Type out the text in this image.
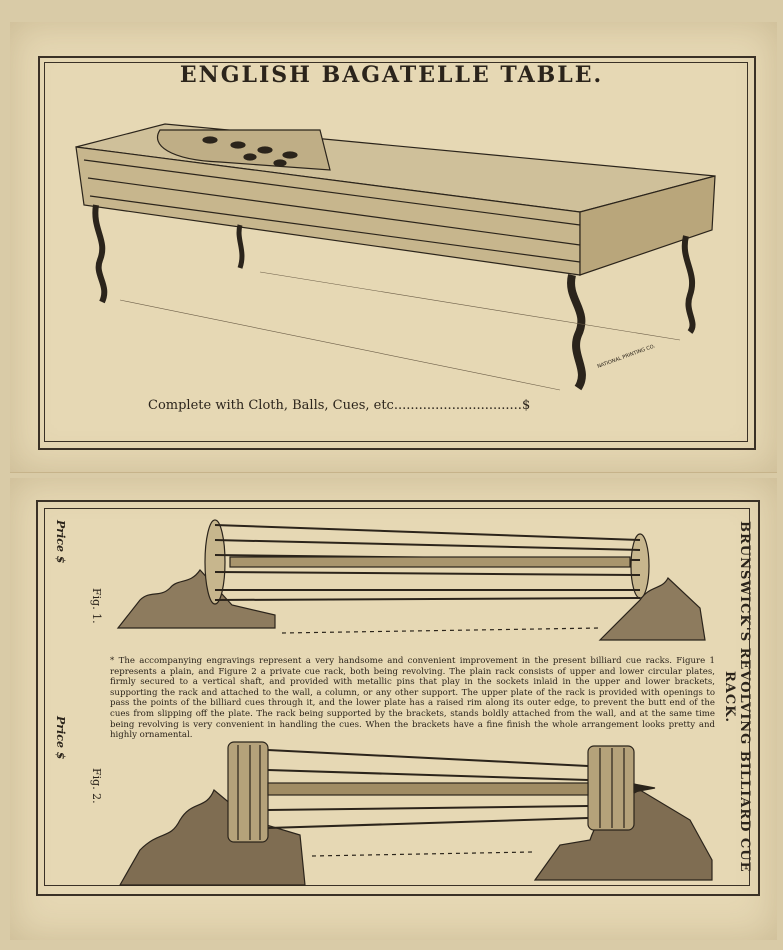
ENGLISH BAGATELLE TABLE.
NATIONAL PRINTING CO.
Complete with Cloth, Balls, Cues, etc...............................$
Price $
Price $
Fig. 1.
Fig. 2.	BRUNSWICK'S REVOLVING BILLIARD CUE RACK.
* The accompanying engravings represent a very handsome and convenient improvement in the present billiard cue racks. Figure 1 represents a plain, and Figure 2 a private cue rack, both being revolving. The plain rack consists of upper and lower circular plates, firmly secured to a vertical shaft, and provided with metallic pins that play in the sockets inlaid in the upper and lower brackets, supporting the rack and attached to the wall, a column, or any other support. The upper plate of the rack is provided with openings to pass the points of the billiard cues through it, and the lower plate has a raised rim along its outer edge, to prevent the butt end of the cues from slipping off the plate. The rack being supported by the brackets, stands boldly attached from the wall, and at the same time being revolving is very convenient in handling the cues. When the brackets have a fine finish the whole arrangement looks pretty and highly ornamental.
